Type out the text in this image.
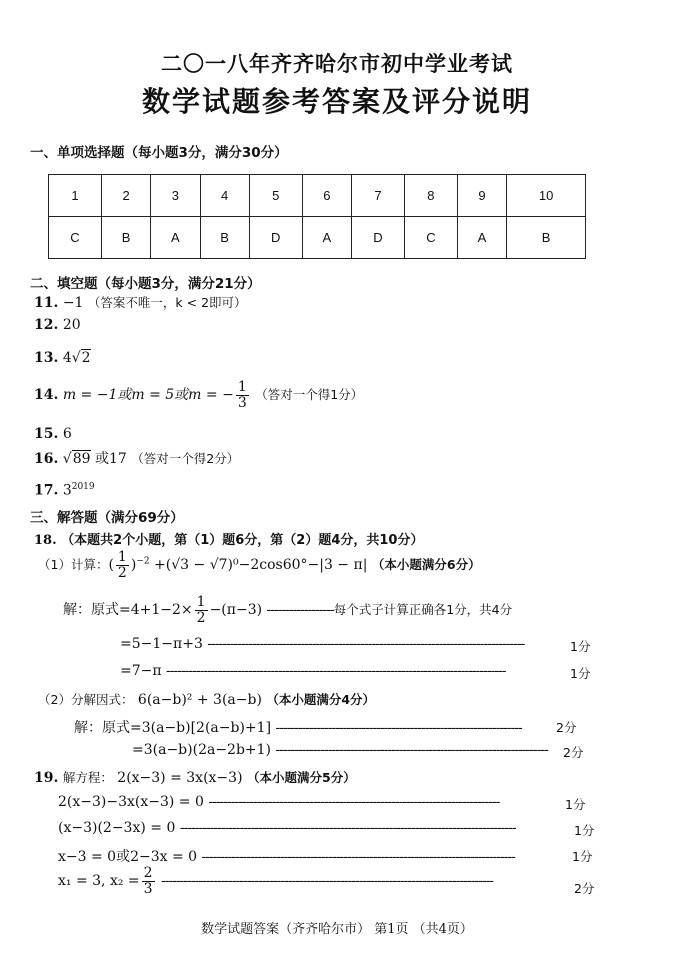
二〇一八年齐齐哈尔市初中学业考试
数学试题参考答案及评分说明
一、单项选择题（每小题3分，满分30分）
1	2	3	4	5	6	7	8	9	10
C	B	A	B	D	A	D	C	A	B
二、填空题（每小题3分，满分21分）
11. −1 （答案不唯一，k < 2即可）
12. 20
13. 4√2
14. m = −1或m = 5或m = − $\frac{1}{3}$ （答对一个得1分）
15. 6
16. √89 或17 （答对一个得2分）
17. $3^{2019}$
三、解答题（满分69分）
18. （本题共2个小题，第（1）题6分，第（2）题4分，共10分）
（1）计算：( $\frac{1}{2} )^{-2} +(√3 - √7)^0-2\cos 60^\circ-|3 - \pi|$ （本小题满分6分）
解：原式$=4+1-2\times \frac{1}{2} -(\pi-3)$ ------------------每个式子计算正确各1分，共4分
=5−1−π+3 -------------------------------------------------------------------------------------	1分
=7−π -------------------------------------------------------------------------------------------	1分
（2）分解因式： 6(a−b)² + 3(a−b) （本小题满分4分）
解：原式=3(a−b)[2(a−b)+1] ------------------------------------------------------------------	2分
=3(a−b)(2a−2b+1) ------------------------------------------------------------------------- 2分
19. 解方程： 2(x−3) = 3x(x−3) （本小题满分5分）
2(x−3)−3x(x−3) = 0 ------------------------------------------------------------------------------	1分
(x−3)(2−3x) = 0 ------------------------------------------------------------------------------------------	1分
x−3 = 0或2−3x = 0 ------------------------------------------------------------------------------------	1分
x₁ = 3, $x_2 = \frac{2}{3}$ -----------------------------------------------------------------------------------------	2分
数学试题答案（齐齐哈尔市） 第1页 （共4页）
